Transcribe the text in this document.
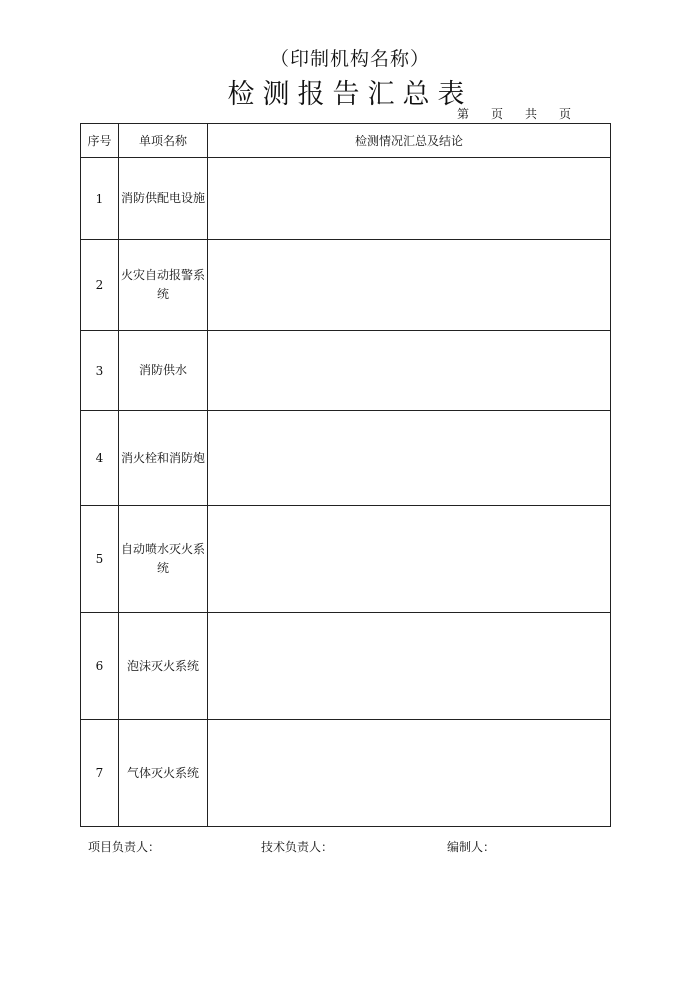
（印制机构名称）
检测报告汇总表
第	页	共	页
序号	单项名称	检测情况汇总及结论
1	消防供配电设施	
2	火灾自动报警系统	
3	消防供水	
4	消火栓和消防炮	
5	自动喷水灭火系统	
6	泡沫灭火系统	
7	气体灭火系统	
项目负责人：	技术负责人：	编制人：
